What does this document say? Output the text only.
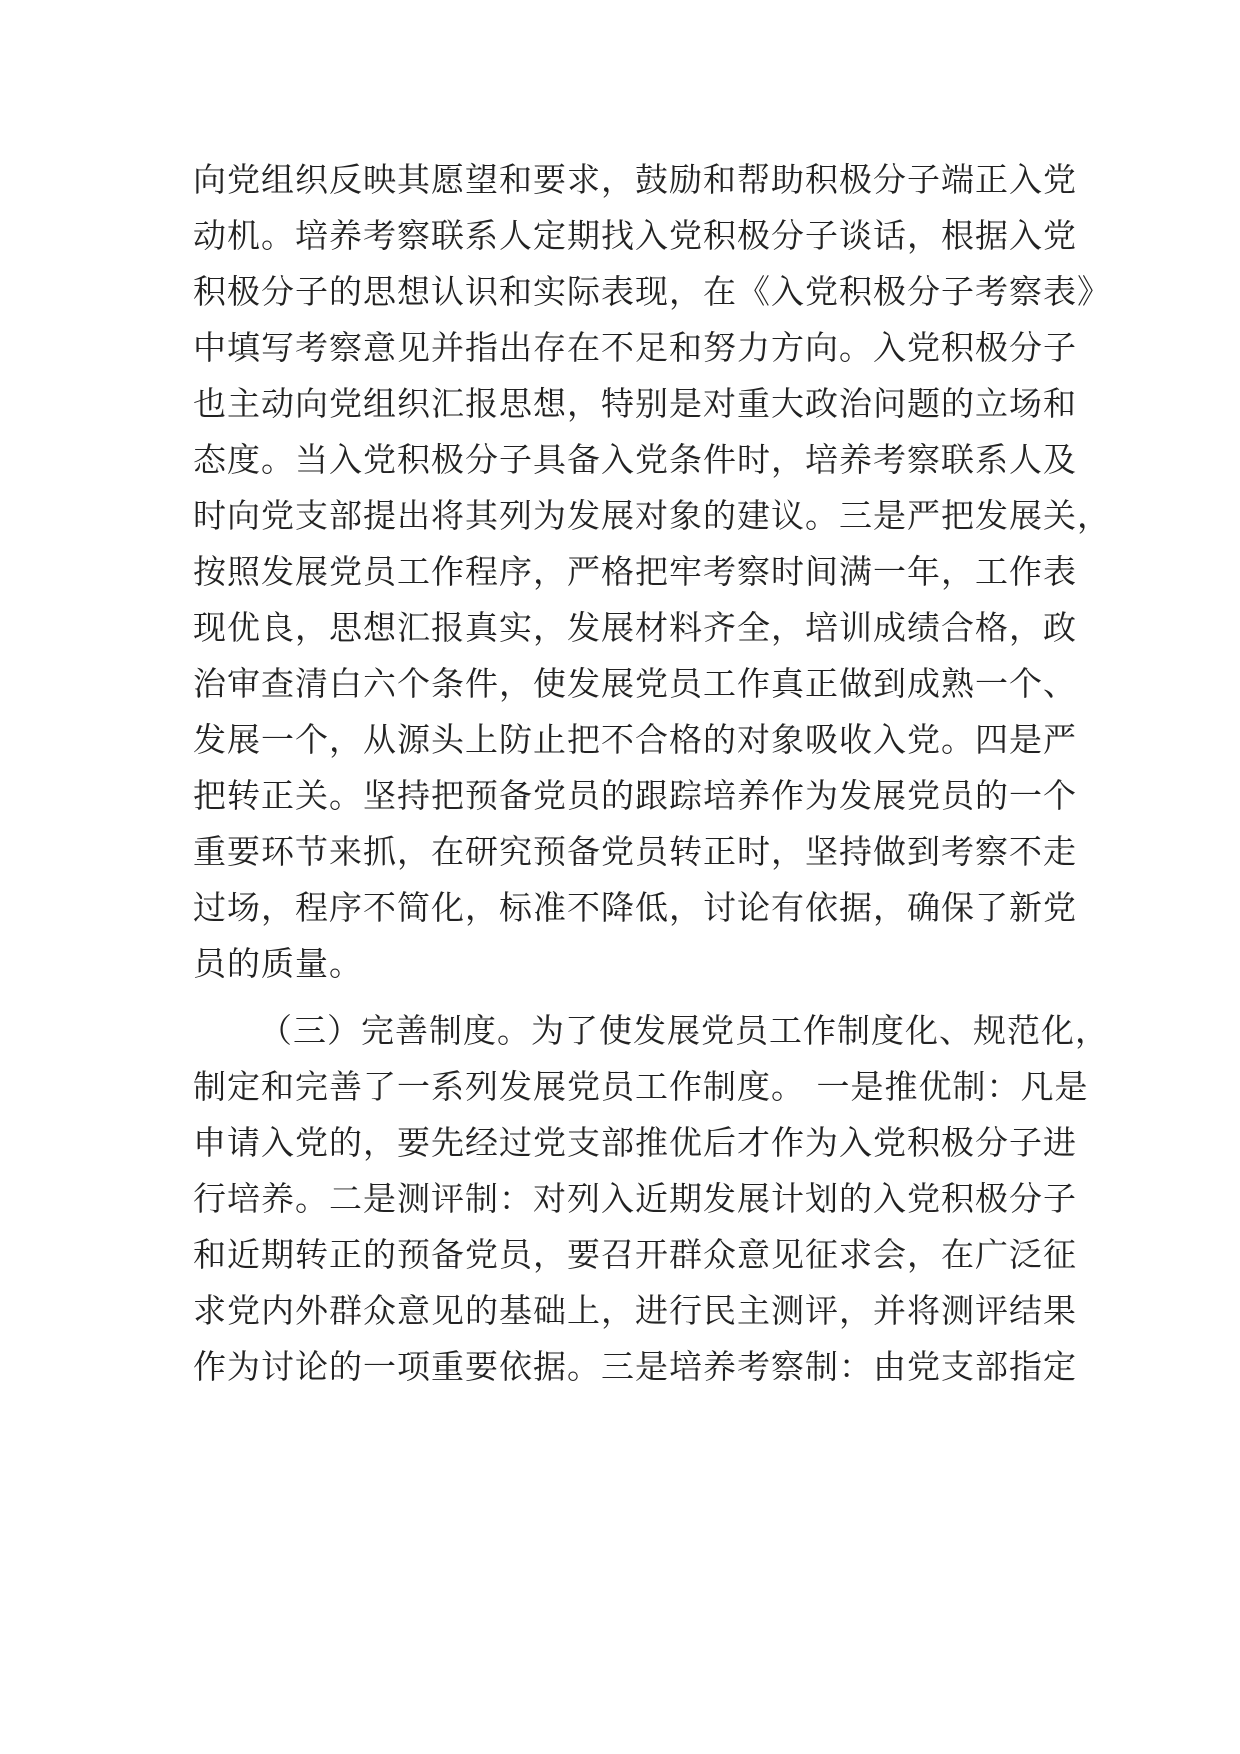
向党组织反映其愿望和要求，鼓励和帮助积极分子端正入党
动机。培养考察联系人定期找入党积极分子谈话，根据入党
积极分子的思想认识和实际表现，在《入党积极分子考察表》
中填写考察意见并指出存在不足和努力方向。入党积极分子
也主动向党组织汇报思想，特别是对重大政治问题的立场和
态度。当入党积极分子具备入党条件时，培养考察联系人及
时向党支部提出将其列为发展对象的建议。三是严把发展关，
按照发展党员工作程序，严格把牢考察时间满一年，工作表
现优良，思想汇报真实，发展材料齐全，培训成绩合格，政
治审查清白六个条件，使发展党员工作真正做到成熟一个、
发展一个，从源头上防止把不合格的对象吸收入党。四是严
把转正关。坚持把预备党员的跟踪培养作为发展党员的一个
重要环节来抓，在研究预备党员转正时，坚持做到考察不走
过场，程序不简化，标准不降低，讨论有依据，确保了新党
员的质量。
（三）完善制度。为了使发展党员工作制度化、规范化，
制定和完善了一系列发展党员工作制度。 一是推优制：凡是
申请入党的，要先经过党支部推优后才作为入党积极分子进
行培养。二是测评制：对列入近期发展计划的入党积极分子
和近期转正的预备党员，要召开群众意见征求会，在广泛征
求党内外群众意见的基础上，进行民主测评，并将测评结果
作为讨论的一项重要依据。三是培养考察制：由党支部指定
